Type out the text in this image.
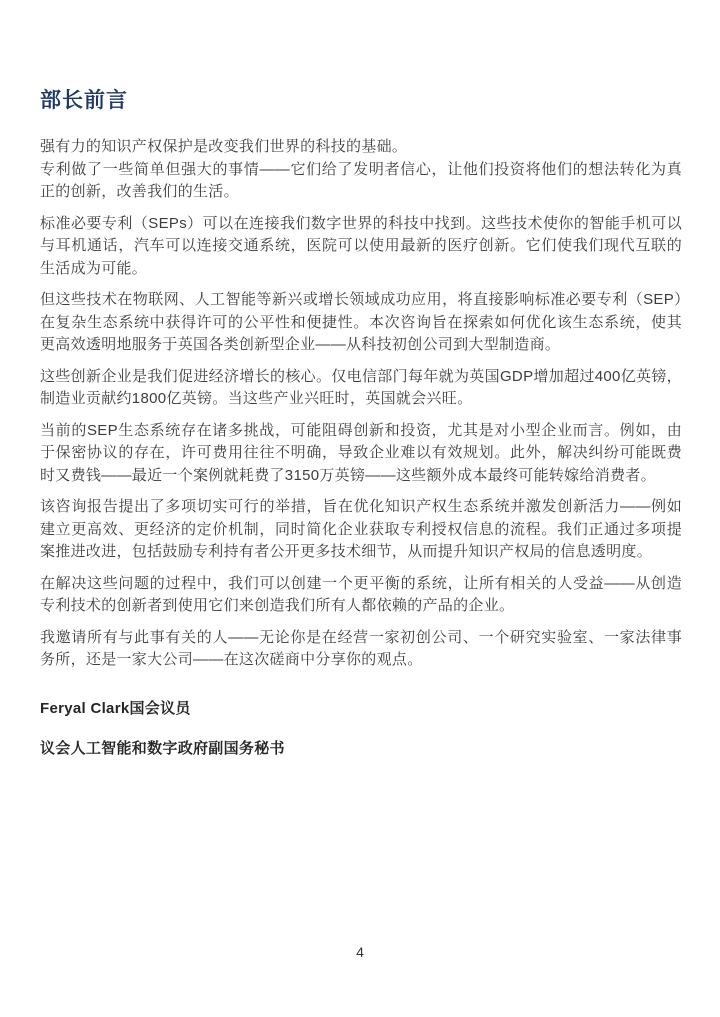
部长前言

强有力的知识产权保护是改变我们世界的科技的基础。

专利做了一些简单但强大的事情——它们给了发明者信心，让他们投资将他们的想法转化为真正的创新，改善我们的生活。

标准必要专利（SEPs）可以在连接我们数字世界的科技中找到。这些技术使你的智能手机可以与耳机通话，汽车可以连接交通系统，医院可以使用最新的医疗创新。它们使我们现代互联的生活成为可能。

但这些技术在物联网、人工智能等新兴或增长领域成功应用，将直接影响标准必要专利（SEP）在复杂生态系统中获得许可的公平性和便捷性。本次咨询旨在探索如何优化该生态系统，使其更高效透明地服务于英国各类创新型企业——从科技初创公司到大型制造商。

这些创新企业是我们促进经济增长的核心。仅电信部门每年就为英国GDP增加超过400亿英镑，制造业贡献约1800亿英镑。当这些产业兴旺时，英国就会兴旺。

当前的SEP生态系统存在诸多挑战，可能阻碍创新和投资，尤其是对小型企业而言。例如，由于保密协议的存在，许可费用往往不明确，导致企业难以有效规划。此外，解决纠纷可能既费时又费钱——最近一个案例就耗费了3150万英镑——这些额外成本最终可能转嫁给消费者。

该咨询报告提出了多项切实可行的举措，旨在优化知识产权生态系统并激发创新活力——例如建立更高效、更经济的定价机制，同时简化企业获取专利授权信息的流程。我们正通过多项提案推进改进，包括鼓励专利持有者公开更多技术细节，从而提升知识产权局的信息透明度。

在解决这些问题的过程中，我们可以创建一个更平衡的系统，让所有相关的人受益——从创造专利技术的创新者到使用它们来创造我们所有人都依赖的产品的企业。

我邀请所有与此事有关的人——无论你是在经营一家初创公司、一个研究实验室、一家法律事务所，还是一家大公司——在这次磋商中分享你的观点。

Feryal Clark国会议员

议会人工智能和数字政府副国务秘书

4
